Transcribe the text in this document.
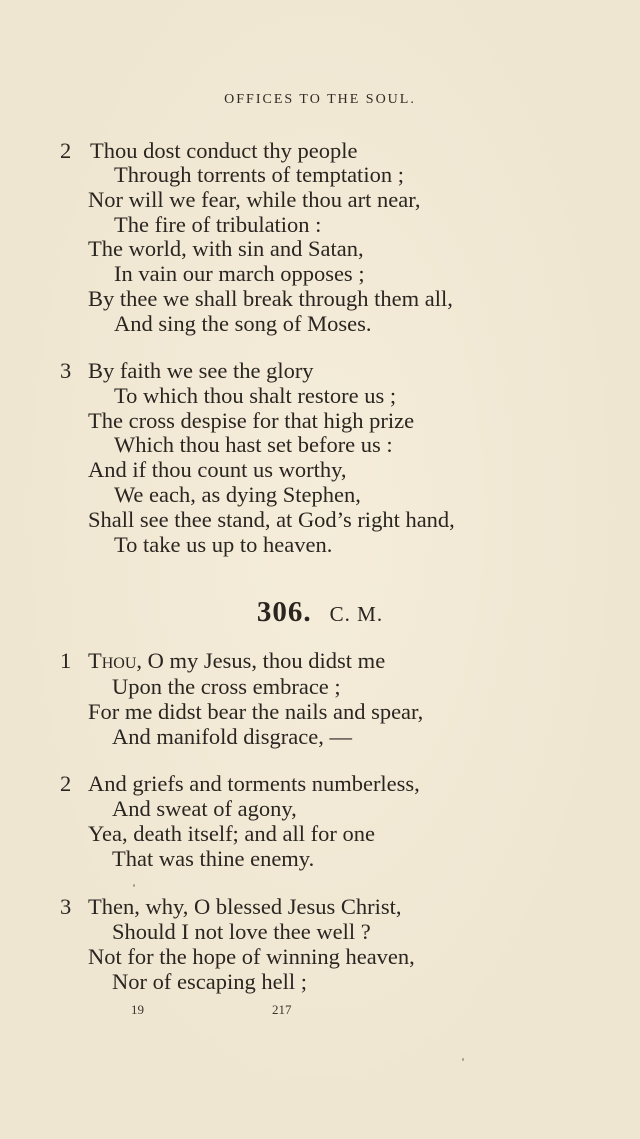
OFFICES TO THE SOUL.
2 Thou dost conduct thy people
Through torrents of temptation ;
Nor will we fear, while thou art near,
The fire of tribulation :
The world, with sin and Satan,
In vain our march opposes ;
By thee we shall break through them all,
And sing the song of Moses.
3 By faith we see the glory
To which thou shalt restore us ;
The cross despise for that high prize
Which thou hast set before us :
And if thou count us worthy,
We each, as dying Stephen,
Shall see thee stand, at God’s right hand,
To take us up to heaven.
306. C. M.
1 Thou, O my Jesus, thou didst me
Upon the cross embrace ;
For me didst bear the nails and spear,
And manifold disgrace, —
2 And griefs and torments numberless,
And sweat of agony,
Yea, death itself; and all for one
That was thine enemy.
3 Then, why, O blessed Jesus Christ,
Should I not love thee well ?
Not for the hope of winning heaven,
Nor of escaping hell ;
19	217
